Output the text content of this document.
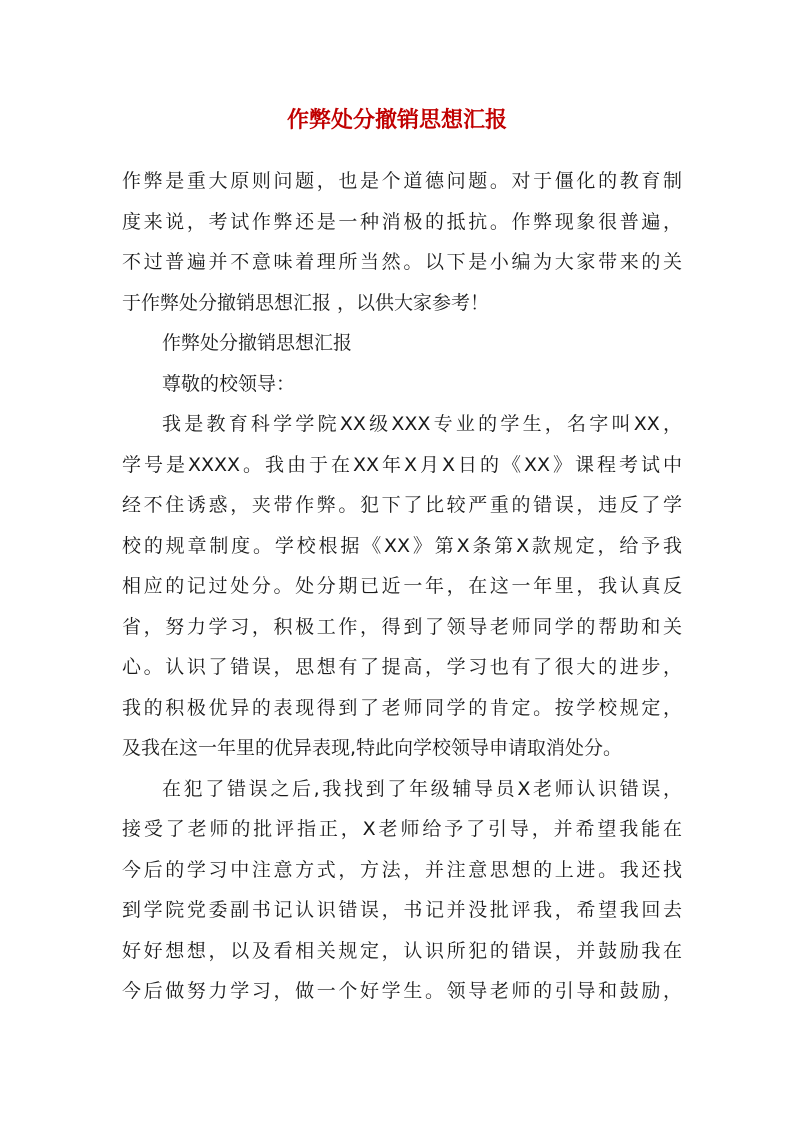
作弊处分撤销思想汇报
作弊是重大原则问题，也是个道德问题。对于僵化的教育制
度来说，考试作弊还是一种消极的抵抗。作弊现象很普遍，
不过普遍并不意味着理所当然。以下是小编为大家带来的关
于作弊处分撤销思想汇报 ，以供大家参考！
作弊处分撤销思想汇报
尊敬的校领导：
我是教育科学学院XX级XXX专业的学生，名字叫XX，
学号是XXXX。我由于在XX年X月X日的《XX》课程考试中
经不住诱惑，夹带作弊。犯下了比较严重的错误，违反了学
校的规章制度。学校根据《XX》第X条第X款规定，给予我
相应的记过处分。处分期已近一年，在这一年里，我认真反
省，努力学习，积极工作，得到了领导老师同学的帮助和关
心。认识了错误，思想有了提高，学习也有了很大的进步，
我的积极优异的表现得到了老师同学的肯定。按学校规定，
及我在这一年里的优异表现,特此向学校领导申请取消处分。
在犯了错误之后,我找到了年级辅导员X老师认识错误，
接受了老师的批评指正，X老师给予了引导，并希望我能在
今后的学习中注意方式，方法，并注意思想的上进。我还找
到学院党委副书记认识错误，书记并没批评我，希望我回去
好好想想，以及看相关规定，认识所犯的错误，并鼓励我在
今后做努力学习，做一个好学生。领导老师的引导和鼓励，
